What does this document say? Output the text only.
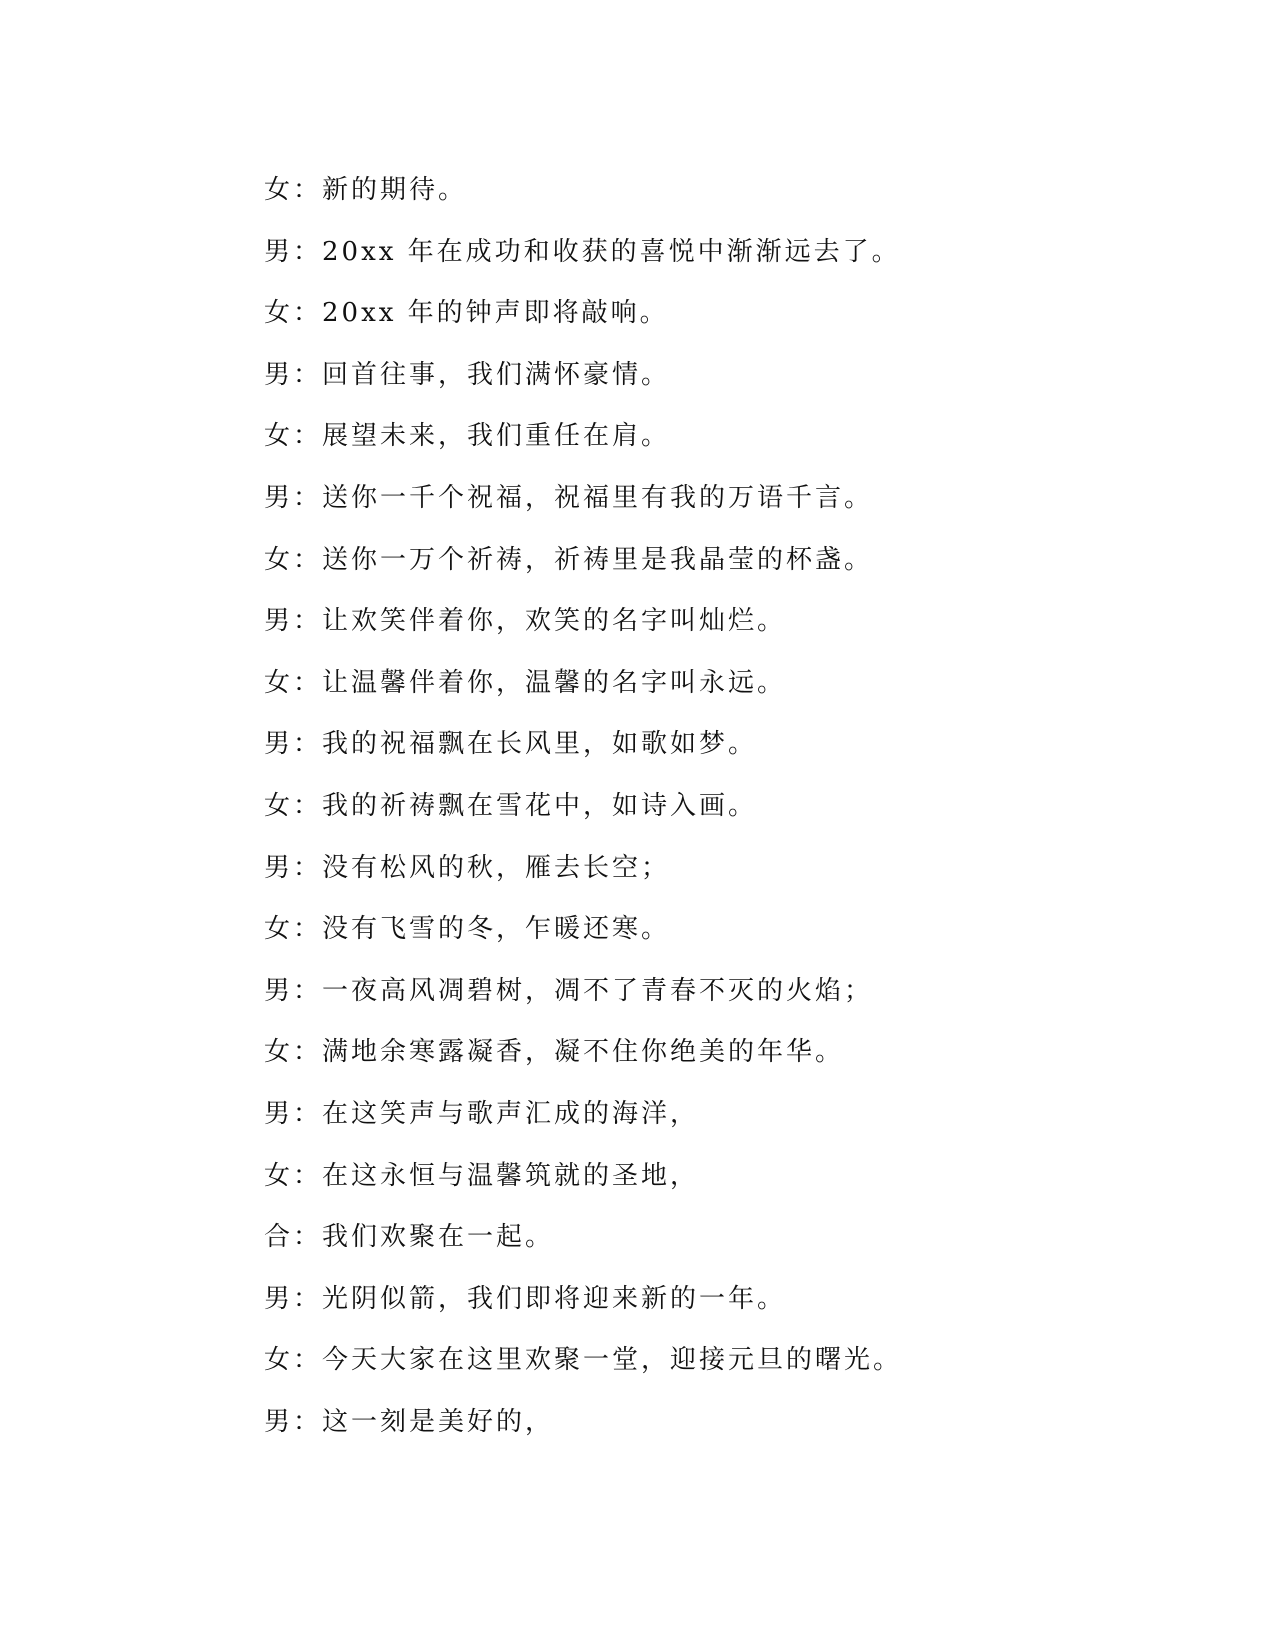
女：新的期待。
男：20xx 年在成功和收获的喜悦中渐渐远去了。
女：20xx 年的钟声即将敲响。
男：回首往事，我们满怀豪情。
女：展望未来，我们重任在肩。
男：送你一千个祝福，祝福里有我的万语千言。
女：送你一万个祈祷，祈祷里是我晶莹的杯盏。
男：让欢笑伴着你，欢笑的名字叫灿烂。
女：让温馨伴着你，温馨的名字叫永远。
男：我的祝福飘在长风里，如歌如梦。
女：我的祈祷飘在雪花中，如诗入画。
男：没有松风的秋，雁去长空；
女：没有飞雪的冬，乍暖还寒。
男：一夜高风凋碧树，凋不了青春不灭的火焰；
女：满地余寒露凝香，凝不住你绝美的年华。
男：在这笑声与歌声汇成的海洋，
女：在这永恒与温馨筑就的圣地，
合：我们欢聚在一起。
男：光阴似箭，我们即将迎来新的一年。
女：今天大家在这里欢聚一堂，迎接元旦的曙光。
男：这一刻是美好的，
